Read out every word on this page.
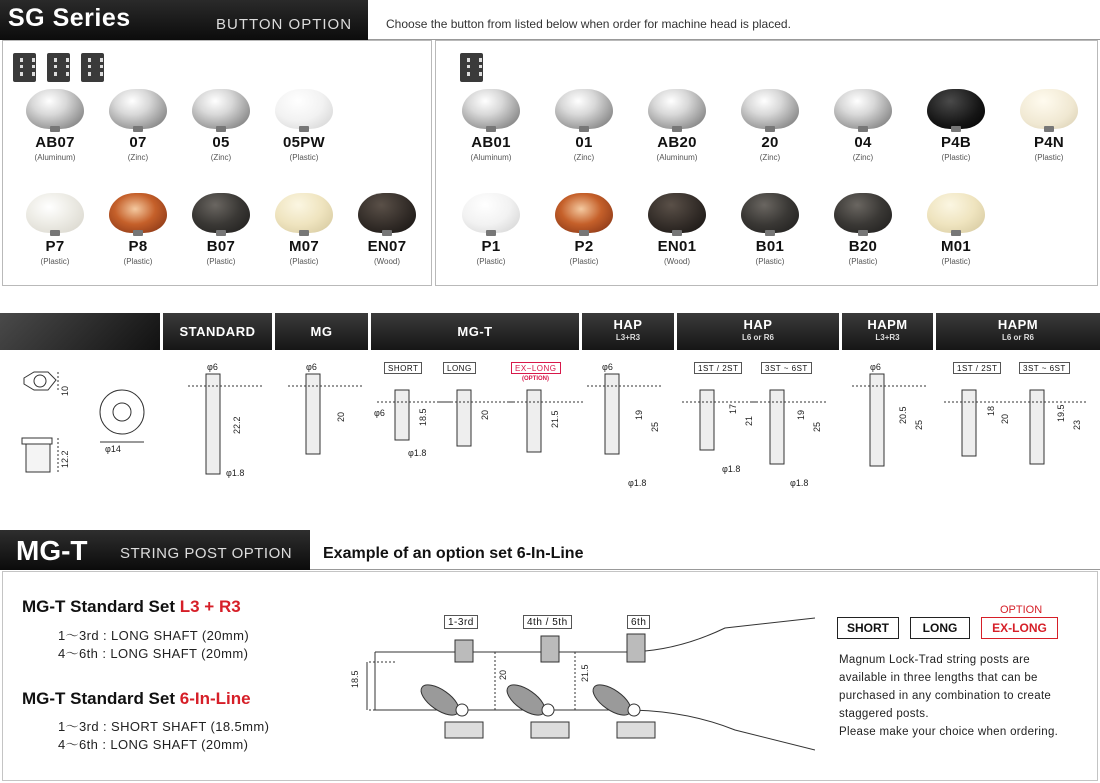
SG Series	BUTTON OPTION	Choose the button from listed below when order for machine head is placed.
AB07
(Aluminum)
07
(Zinc)
05
(Zinc)
05PW
(Plastic)
P7
(Plastic)
P8
(Plastic)
B07
(Plastic)
M07
(Plastic)
EN07
(Wood)
AB01
(Aluminum)
01
(Zinc)
AB20
(Aluminum)
20
(Zinc)
04
(Zinc)
P4B
(Plastic)
P4N
(Plastic)
P1
(Plastic)
P2
(Plastic)
EN01
(Wood)
B01
(Plastic)
B20
(Plastic)
M01
(Plastic)
STANDARD	MG	MG-T	HAP
L3+R3
HAP
L6 or R6
HAPM
L3+R3
HAPM
L6 or R6
10
φ14
12.2
φ6
22.2
φ1.8
φ6
20
SHORT	LONG	EX−LONG
(OPTION)
φ6	18.5	20	21.5
φ1.8
φ6
19
25
φ1.8
1ST / 2ST	3ST ~ 6ST
17
21
19
25
φ1.8
φ1.8
φ6
20.5
25
1ST / 2ST	3ST ~ 6ST
18
20	19.5
23
MG-T STRING POST OPTION Example of an option set 6-In-Line
MG-T Standard Set L3 + R3
1～3rd : LONG SHAFT (20mm)
4～6th : LONG SHAFT (20mm)
MG-T Standard Set 6-In-Line
1～3rd : SHORT SHAFT (18.5mm)
4～6th : LONG SHAFT (20mm)
1-3rd	4th / 5th	6th
18.5	20	21.5
OPTION
SHORT	LONG	EX-LONG
Magnum Lock-Trad string posts are
available in three lengths that can be
purchased in any combination to create
staggered posts.
Please make your choice when ordering.
